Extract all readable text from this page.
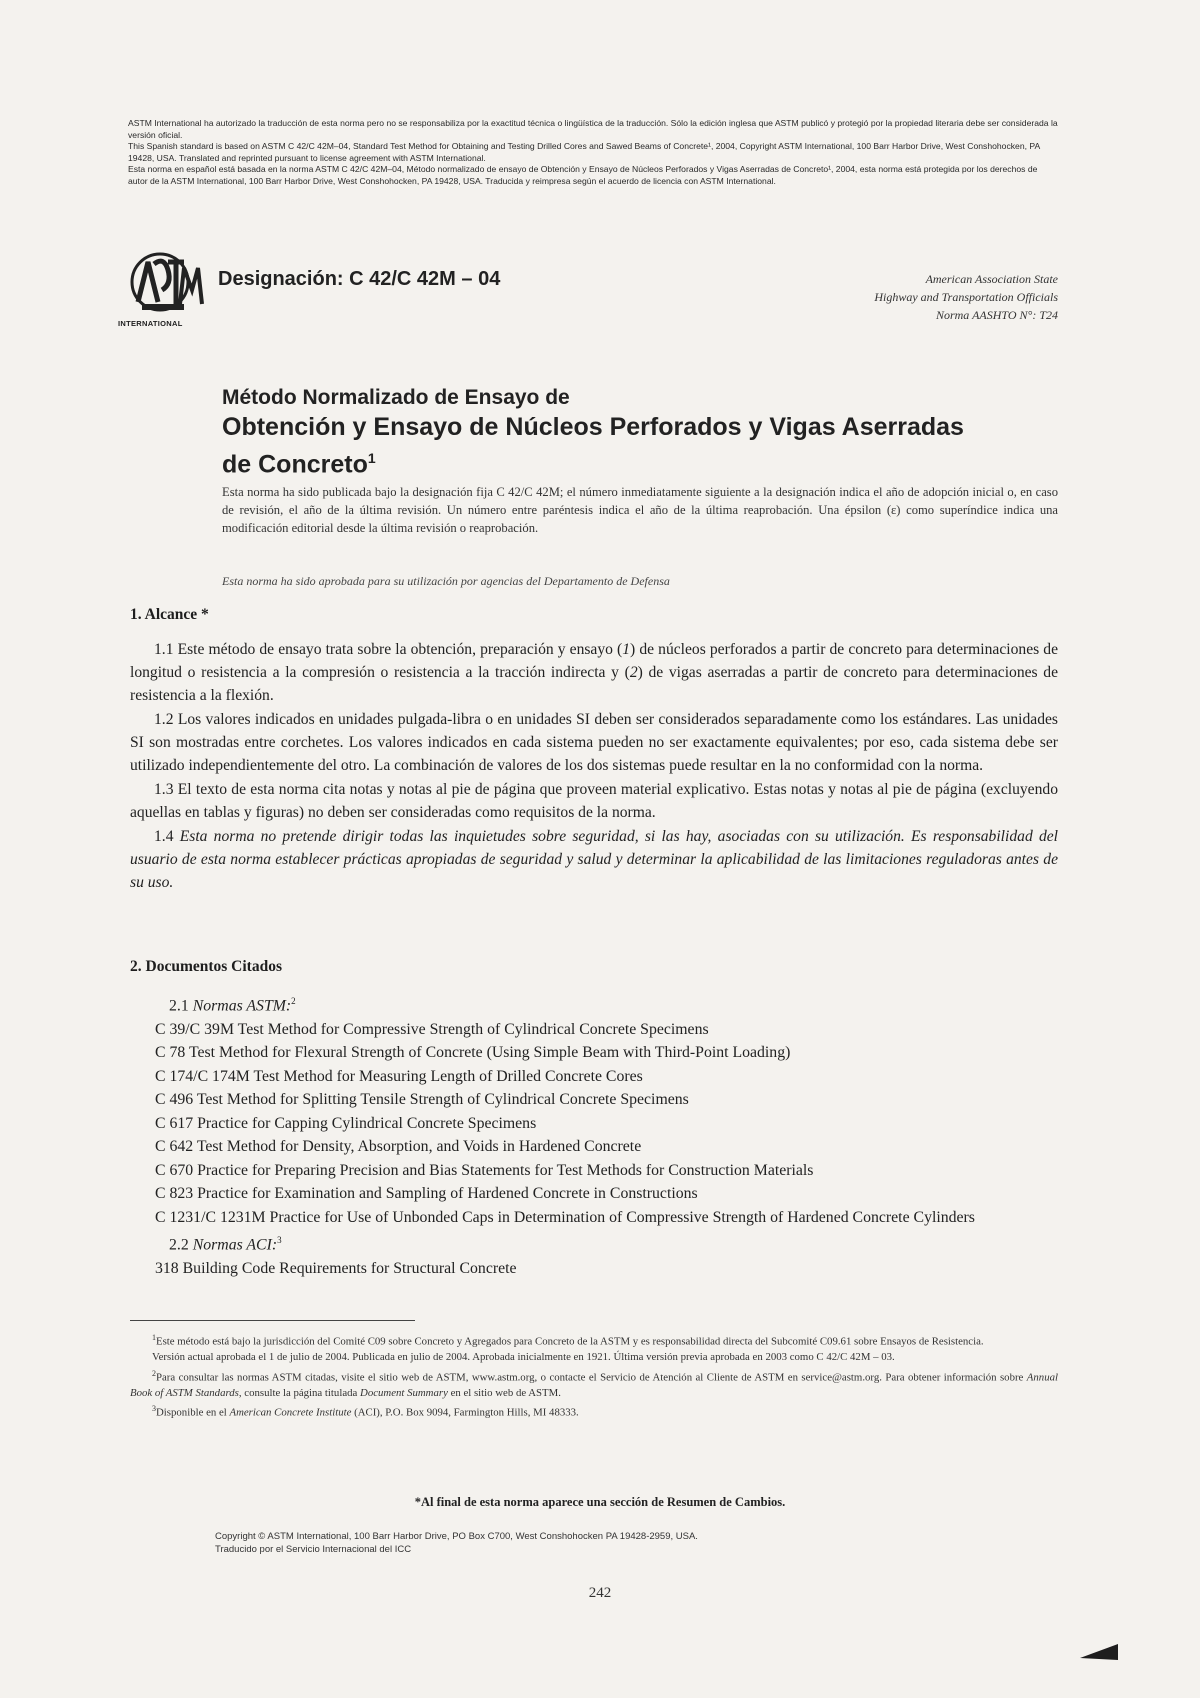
ASTM International ha autorizado la traducción de esta norma pero no se responsabiliza por la exactitud técnica o lingüística de la traducción. Sólo la edición inglesa que ASTM publicó y protegió por la propiedad literaria debe ser considerada la versión oficial.

This Spanish standard is based on ASTM C 42/C 42M–04, Standard Test Method for Obtaining and Testing Drilled Cores and Sawed Beams of Concrete¹, 2004, Copyright ASTM International, 100 Barr Harbor Drive, West Conshohocken, PA 19428, USA. Translated and reprinted pursuant to license agreement with ASTM International.

Esta norma en español está basada en la norma ASTM C 42/C 42M–04, Método normalizado de ensayo de Obtención y Ensayo de Núcleos Perforados y Vigas Aserradas de Concreto¹, 2004, esta norma está protegida por los derechos de autor de la ASTM International, 100 Barr Harbor Drive, West Conshohocken, PA 19428, USA. Traducida y reimpresa según el acuerdo de licencia con ASTM International.

INTERNATIONAL
Designación: C 42/C 42M – 04	American Association State
Highway and Transportation Officials
Norma AASHTO N°: T24
Método Normalizado de Ensayo de
Obtención y Ensayo de Núcleos Perforados y Vigas Aserradas de Concreto$^1$
Esta norma ha sido publicada bajo la designación fija C 42/C 42M; el número inmediatamente siguiente a la designación indica el año de adopción inicial o, en caso de revisión, el año de la última revisión. Un número entre paréntesis indica el año de la última reaprobación. Una épsilon (ε) como superíndice indica una modificación editorial desde la última revisión o reaprobación.
Esta norma ha sido aprobada para su utilización por agencias del Departamento de Defensa
1. Alcance *

1.1 Este método de ensayo trata sobre la obtención, preparación y ensayo (1) de núcleos perforados a partir de concreto para determinaciones de longitud o resistencia a la compresión o resistencia a la tracción indirecta y (2) de vigas aserradas a partir de concreto para determinaciones de resistencia a la flexión.

1.2 Los valores indicados en unidades pulgada-libra o en unidades SI deben ser considerados separadamente como los estándares. Las unidades SI son mostradas entre corchetes. Los valores indicados en cada sistema pueden no ser exactamente equivalentes; por eso, cada sistema debe ser utilizado independientemente del otro. La combinación de valores de los dos sistemas puede resultar en la no conformidad con la norma.

1.3 El texto de esta norma cita notas y notas al pie de página que proveen material explicativo. Estas notas y notas al pie de página (excluyendo aquellas en tablas y figuras) no deben ser consideradas como requisitos de la norma.

1.4 Esta norma no pretende dirigir todas las inquietudes sobre seguridad, si las hay, asociadas con su utilización. Es responsabilidad del usuario de esta norma establecer prácticas apropiadas de seguridad y salud y determinar la aplicabilidad de las limitaciones reguladoras antes de su uso.

2. Documentos Citados
2.1 Normas ASTM:$^2$
C 39/C 39M Test Method for Compressive Strength of Cylindrical Concrete Specimens
C 78 Test Method for Flexural Strength of Concrete (Using Simple Beam with Third-Point Loading)
C 174/C 174M Test Method for Measuring Length of Drilled Concrete Cores
C 496 Test Method for Splitting Tensile Strength of Cylindrical Concrete Specimens
C 617 Practice for Capping Cylindrical Concrete Specimens
C 642 Test Method for Density, Absorption, and Voids in Hardened Concrete
C 670 Practice for Preparing Precision and Bias Statements for Test Methods for Construction Materials
C 823 Practice for Examination and Sampling of Hardened Concrete in Constructions
C 1231/C 1231M Practice for Use of Unbonded Caps in Determination of Compressive Strength of Hardened Concrete Cylinders
2.2 Normas ACI:$^3$
318 Building Code Requirements for Structural Concrete

$^1$Este método está bajo la jurisdicción del Comité C09 sobre Concreto y Agregados para Concreto de la ASTM y es responsabilidad directa del Subcomité C09.61 sobre Ensayos de Resistencia.

Versión actual aprobada el 1 de julio de 2004. Publicada en julio de 2004. Aprobada inicialmente en 1921. Última versión previa aprobada en 2003 como C 42/C 42M – 03.

$^2$Para consultar las normas ASTM citadas, visite el sitio web de ASTM, www.astm.org, o contacte el Servicio de Atención al Cliente de ASTM en service@astm.org. Para obtener información sobre Annual Book of ASTM Standards, consulte la página titulada Document Summary en el sitio web de ASTM.

$^3$Disponible en el American Concrete Institute (ACI), P.O. Box 9094, Farmington Hills, MI 48333.

*Al final de esta norma aparece una sección de Resumen de Cambios.
Copyright © ASTM International, 100 Barr Harbor Drive, PO Box C700, West Conshohocken PA 19428-2959, USA.
Traducido por el Servicio Internacional del ICC
242
